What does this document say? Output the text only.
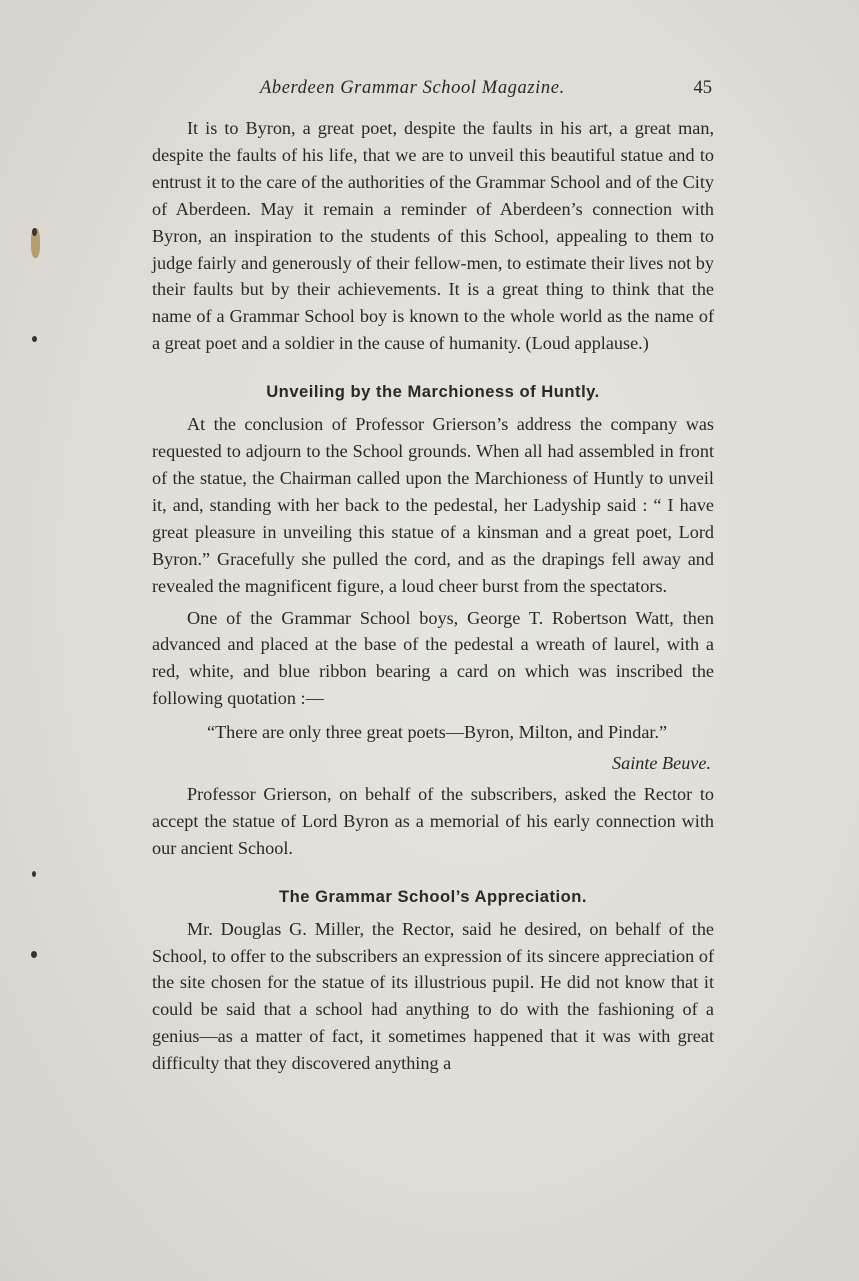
Aberdeen Grammar School Magazine.	45

It is to Byron, a great poet, despite the faults in his art, a great man, despite the faults of his life, that we are to unveil this beautiful statue and to entrust it to the care of the authorities of the Grammar School and of the City of Aberdeen. May it remain a reminder of Aberdeen’s connection with Byron, an inspiration to the students of this School, appealing to them to judge fairly and generously of their fellow-men, to estimate their lives not by their faults but by their achievements. It is a great thing to think that the name of a Grammar School boy is known to the whole world as the name of a great poet and a soldier in the cause of humanity. (Loud applause.)

Unveiling by the Marchioness of Huntly.

At the conclusion of Professor Grierson’s address the company was requested to adjourn to the School grounds. When all had assembled in front of the statue, the Chairman called upon the Marchioness of Huntly to unveil it, and, standing with her back to the pedestal, her Ladyship said : “ I have great pleasure in unveiling this statue of a kinsman and a great poet, Lord Byron.” Gracefully she pulled the cord, and as the drapings fell away and revealed the magnificent figure, a loud cheer burst from the spectators.

One of the Grammar School boys, George T. Robertson Watt, then advanced and placed at the base of the pedestal a wreath of laurel, with a red, white, and blue ribbon bearing a card on which was inscribed the following quotation :—

“There are only three great poets—Byron, Milton, and Pindar.”

Sainte Beuve.

Professor Grierson, on behalf of the subscribers, asked the Rector to accept the statue of Lord Byron as a memorial of his early connection with our ancient School.

The Grammar School’s Appreciation.

Mr. Douglas G. Miller, the Rector, said he desired, on behalf of the School, to offer to the subscribers an expression of its sincere appreciation of the site chosen for the statue of its illustrious pupil. He did not know that it could be said that a school had anything to do with the fashioning of a genius—as a matter of fact, it sometimes happened that it was with great difficulty that they discovered anything a
